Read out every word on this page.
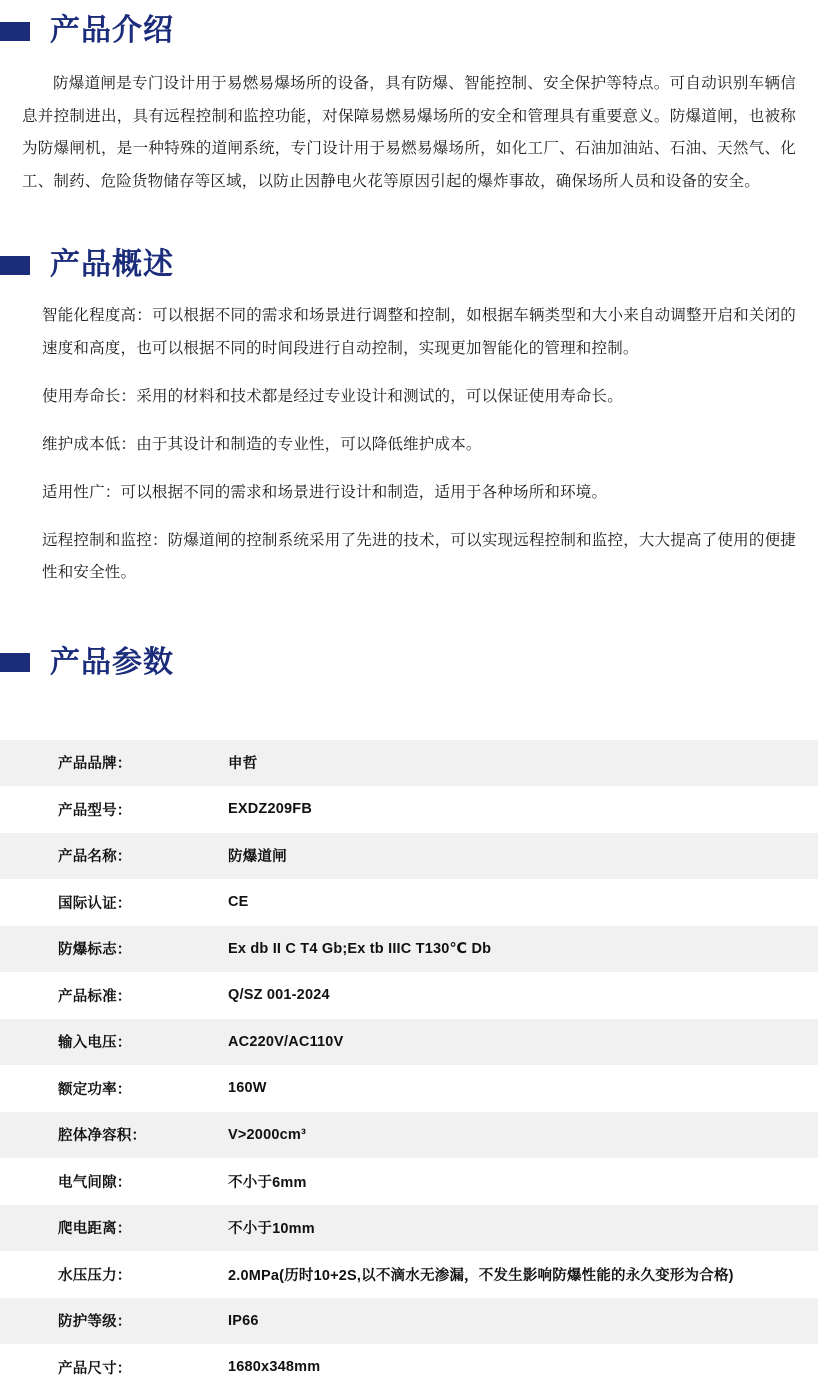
产品介绍

防爆道闸是专门设计用于易燃易爆场所的设备，具有防爆、智能控制、安全保护等特点。可自动识别车辆信息并控制进出，具有远程控制和监控功能，对保障易燃易爆场所的安全和管理具有重要意义。防爆道闸，也被称为防爆闸机，是一种特殊的道闸系统，专门设计用于易燃易爆场所，如化工厂、石油加油站、石油、天然气、化工、制药、危险货物储存等区域，以防止因静电火花等原因引起的爆炸事故，确保场所人员和设备的安全。

产品概述

智能化程度高：可以根据不同的需求和场景进行调整和控制，如根据车辆类型和大小来自动调整开启和关闭的速度和高度，也可以根据不同的时间段进行自动控制，实现更加智能化的管理和控制。

使用寿命长：采用的材料和技术都是经过专业设计和测试的，可以保证使用寿命长。

维护成本低：由于其设计和制造的专业性，可以降低维护成本。

适用性广：可以根据不同的需求和场景进行设计和制造，适用于各种场所和环境。

远程控制和监控：防爆道闸的控制系统采用了先进的技术，可以实现远程控制和监控，大大提高了使用的便捷性和安全性。

产品参数
产品品牌：	申哲
产品型号：	EXDZ209FB
产品名称：	防爆道闸
国际认证：	CE
防爆标志：	Ex db II C T4 Gb;Ex tb IIIC T130℃ Db
产品标准：	Q/SZ 001-2024
输入电压：	AC220V/AC110V
额定功率：	160W
腔体净容积：	V>2000cm³
电气间隙：	不小于6mm
爬电距离：	不小于10mm
水压压力：	2.0MPa(历时10+2S,以不滴水无渗漏，不发生影响防爆性能的永久变形为合格)
防护等级：	IP66
产品尺寸：	1680x348mm
